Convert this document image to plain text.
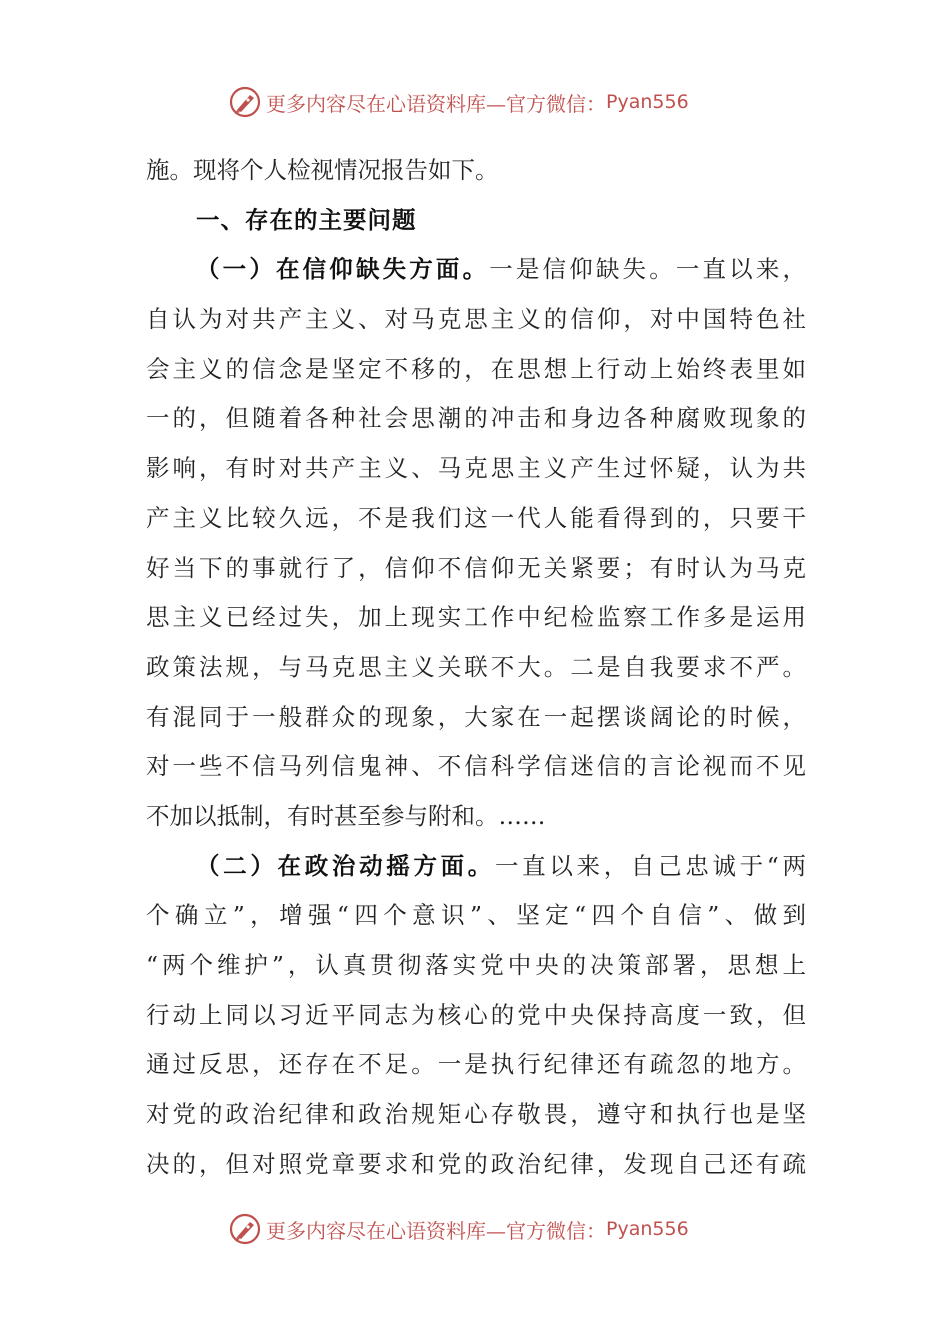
更多内容尽在心语资料库—官方微信： Pyan556
施。现将个人检视情况报告如下。
一、存在的主要问题
（一）在信仰缺失方面。一是信仰缺失。一直以来，
自认为对共产主义、对马克思主义的信仰，对中国特色社
会主义的信念是坚定不移的，在思想上行动上始终表里如
一的，但随着各种社会思潮的冲击和身边各种腐败现象的
影响，有时对共产主义、马克思主义产生过怀疑，认为共
产主义比较久远，不是我们这一代人能看得到的，只要干
好当下的事就行了，信仰不信仰无关紧要；有时认为马克
思主义已经过失，加上现实工作中纪检监察工作多是运用
政策法规，与马克思主义关联不大。二是自我要求不严。
有混同于一般群众的现象，大家在一起摆谈阔论的时候，
对一些不信马列信鬼神、不信科学信迷信的言论视而不见
不加以抵制，有时甚至参与附和。……
（二）在政治动摇方面。一直以来，自己忠诚于“两
个确立”，增强“四个意识”、坚定“四个自信”、做到
“两个维护”，认真贯彻落实党中央的决策部署，思想上
行动上同以习近平同志为核心的党中央保持高度一致，但
通过反思，还存在不足。一是执行纪律还有疏忽的地方。
对党的政治纪律和政治规矩心存敬畏，遵守和执行也是坚
决的，但对照党章要求和党的政治纪律，发现自己还有疏
更多内容尽在心语资料库—官方微信： Pyan556
